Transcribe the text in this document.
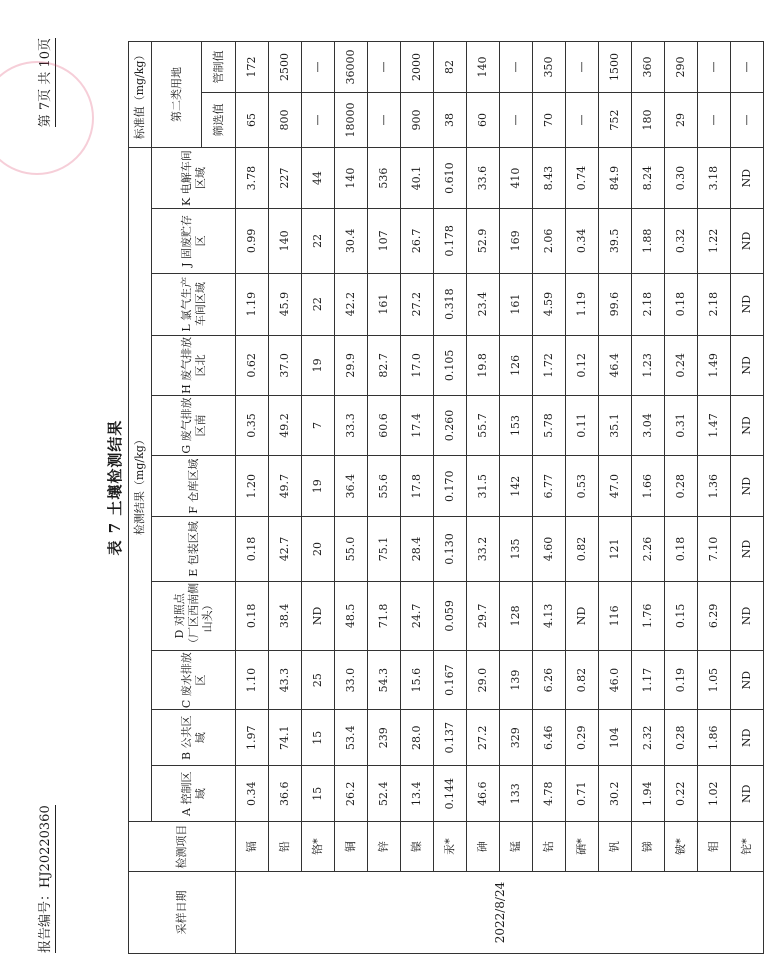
报告编号：HJ20220360
第 7页 共 10页
表 7 土壤检测结果
采样日期	检测项目	检测结果（mg/kg）											标准值（mg/kg）	
		A 控制区域	B 公共区域	C 废水排放区	D 对照点（厂区西南侧山头）	E 包装区域	F 仓库区域	G 废气排放区南	H 废气排放区北	L 氯气生产车间区域	J 固废贮存区	K 电解车间区域	第二类用地	
													筛选值	管制值
2022/8/24	镉	0.34	1.97	1.10	0.18	0.18	1.20	0.35	0.62	1.19	0.99	3.78	65	172
	铅	36.6	74.1	43.3	38.4	42.7	49.7	49.2	37.0	45.9	140	227	800	2500
	铬*	15	15	25	ND	20	19	7	19	22	22	44	—	—
	铜	26.2	53.4	33.0	48.5	55.0	36.4	33.3	29.9	42.2	30.4	140	18000	36000
	锌	52.4	239	54.3	71.8	75.1	55.6	60.6	82.7	161	107	536	—	—
	镍	13.4	28.0	15.6	24.7	28.4	17.8	17.4	17.0	27.2	26.7	40.1	900	2000
	汞*	0.144	0.137	0.167	0.059	0.130	0.170	0.260	0.105	0.318	0.178	0.610	38	82
	砷	46.6	27.2	29.0	29.7	33.2	31.5	55.7	19.8	23.4	52.9	33.6	60	140
	锰	133	329	139	128	135	142	153	126	161	169	410	—	—
	钴	4.78	6.46	6.26	4.13	4.60	6.77	5.78	1.72	4.59	2.06	8.43	70	350
	硒*	0.71	0.29	0.82	ND	0.82	0.53	0.11	0.12	1.19	0.34	0.74	—	—
	钒	30.2	104	46.0	116	121	47.0	35.1	46.4	99.6	39.5	84.9	752	1500
	锑	1.94	2.32	1.17	1.76	2.26	1.66	3.04	1.23	2.18	1.88	8.24	180	360
	铍*	0.22	0.28	0.19	0.15	0.18	0.28	0.31	0.24	0.18	0.32	0.30	29	290
	钼	1.02	1.86	1.05	6.29	7.10	1.36	1.47	1.49	2.18	1.22	3.18	—	—
	铊*	ND	ND	ND	ND	ND	ND	ND	ND	ND	ND	ND	—	—
